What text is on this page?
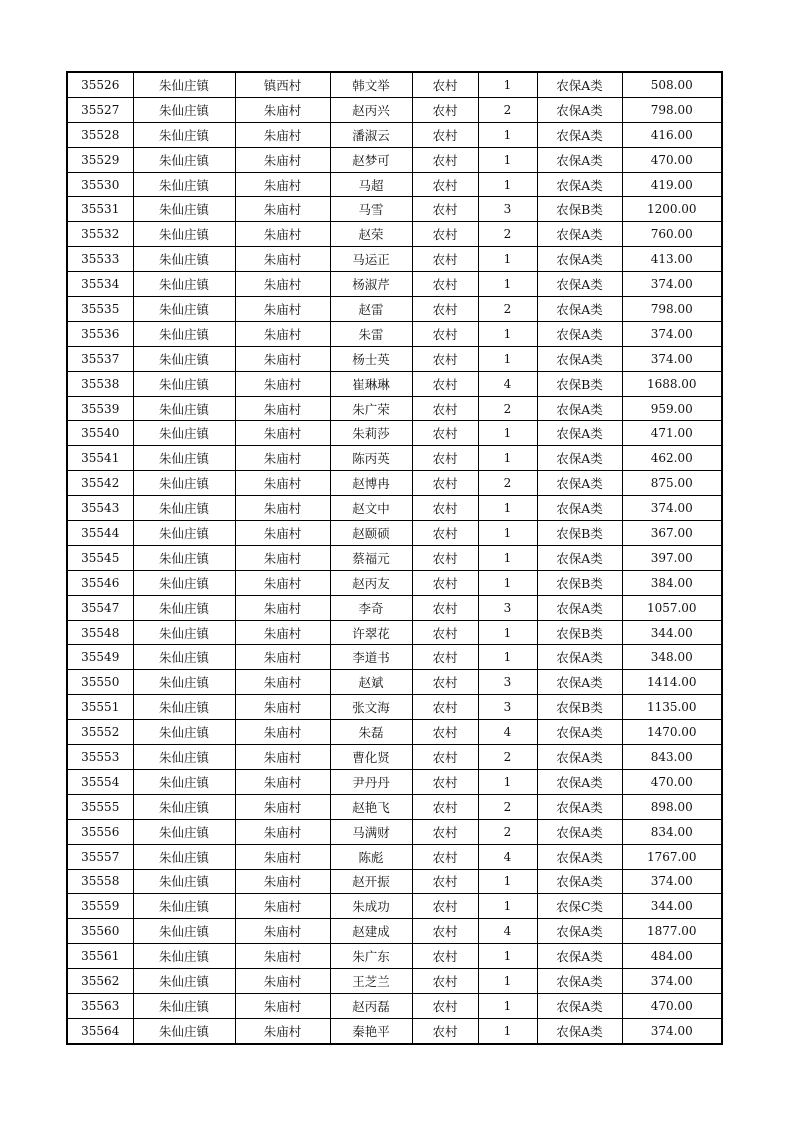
35526	朱仙庄镇	镇西村	韩文举	农村	1	农保A类	508.00
35527	朱仙庄镇	朱庙村	赵丙兴	农村	2	农保A类	798.00
35528	朱仙庄镇	朱庙村	潘淑云	农村	1	农保A类	416.00
35529	朱仙庄镇	朱庙村	赵梦可	农村	1	农保A类	470.00
35530	朱仙庄镇	朱庙村	马超	农村	1	农保A类	419.00
35531	朱仙庄镇	朱庙村	马雪	农村	3	农保B类	1200.00
35532	朱仙庄镇	朱庙村	赵荣	农村	2	农保A类	760.00
35533	朱仙庄镇	朱庙村	马运正	农村	1	农保A类	413.00
35534	朱仙庄镇	朱庙村	杨淑芹	农村	1	农保A类	374.00
35535	朱仙庄镇	朱庙村	赵雷	农村	2	农保A类	798.00
35536	朱仙庄镇	朱庙村	朱雷	农村	1	农保A类	374.00
35537	朱仙庄镇	朱庙村	杨士英	农村	1	农保A类	374.00
35538	朱仙庄镇	朱庙村	崔琳琳	农村	4	农保B类	1688.00
35539	朱仙庄镇	朱庙村	朱广荣	农村	2	农保A类	959.00
35540	朱仙庄镇	朱庙村	朱莉莎	农村	1	农保A类	471.00
35541	朱仙庄镇	朱庙村	陈丙英	农村	1	农保A类	462.00
35542	朱仙庄镇	朱庙村	赵博冉	农村	2	农保A类	875.00
35543	朱仙庄镇	朱庙村	赵文中	农村	1	农保A类	374.00
35544	朱仙庄镇	朱庙村	赵颐硕	农村	1	农保B类	367.00
35545	朱仙庄镇	朱庙村	蔡福元	农村	1	农保A类	397.00
35546	朱仙庄镇	朱庙村	赵丙友	农村	1	农保B类	384.00
35547	朱仙庄镇	朱庙村	李奇	农村	3	农保A类	1057.00
35548	朱仙庄镇	朱庙村	许翠花	农村	1	农保B类	344.00
35549	朱仙庄镇	朱庙村	李道书	农村	1	农保A类	348.00
35550	朱仙庄镇	朱庙村	赵斌	农村	3	农保A类	1414.00
35551	朱仙庄镇	朱庙村	张文海	农村	3	农保B类	1135.00
35552	朱仙庄镇	朱庙村	朱磊	农村	4	农保A类	1470.00
35553	朱仙庄镇	朱庙村	曹化贤	农村	2	农保A类	843.00
35554	朱仙庄镇	朱庙村	尹丹丹	农村	1	农保A类	470.00
35555	朱仙庄镇	朱庙村	赵艳飞	农村	2	农保A类	898.00
35556	朱仙庄镇	朱庙村	马满财	农村	2	农保A类	834.00
35557	朱仙庄镇	朱庙村	陈彪	农村	4	农保A类	1767.00
35558	朱仙庄镇	朱庙村	赵开振	农村	1	农保A类	374.00
35559	朱仙庄镇	朱庙村	朱成功	农村	1	农保C类	344.00
35560	朱仙庄镇	朱庙村	赵建成	农村	4	农保A类	1877.00
35561	朱仙庄镇	朱庙村	朱广东	农村	1	农保A类	484.00
35562	朱仙庄镇	朱庙村	王芝兰	农村	1	农保A类	374.00
35563	朱仙庄镇	朱庙村	赵丙磊	农村	1	农保A类	470.00
35564	朱仙庄镇	朱庙村	秦艳平	农村	1	农保A类	374.00
